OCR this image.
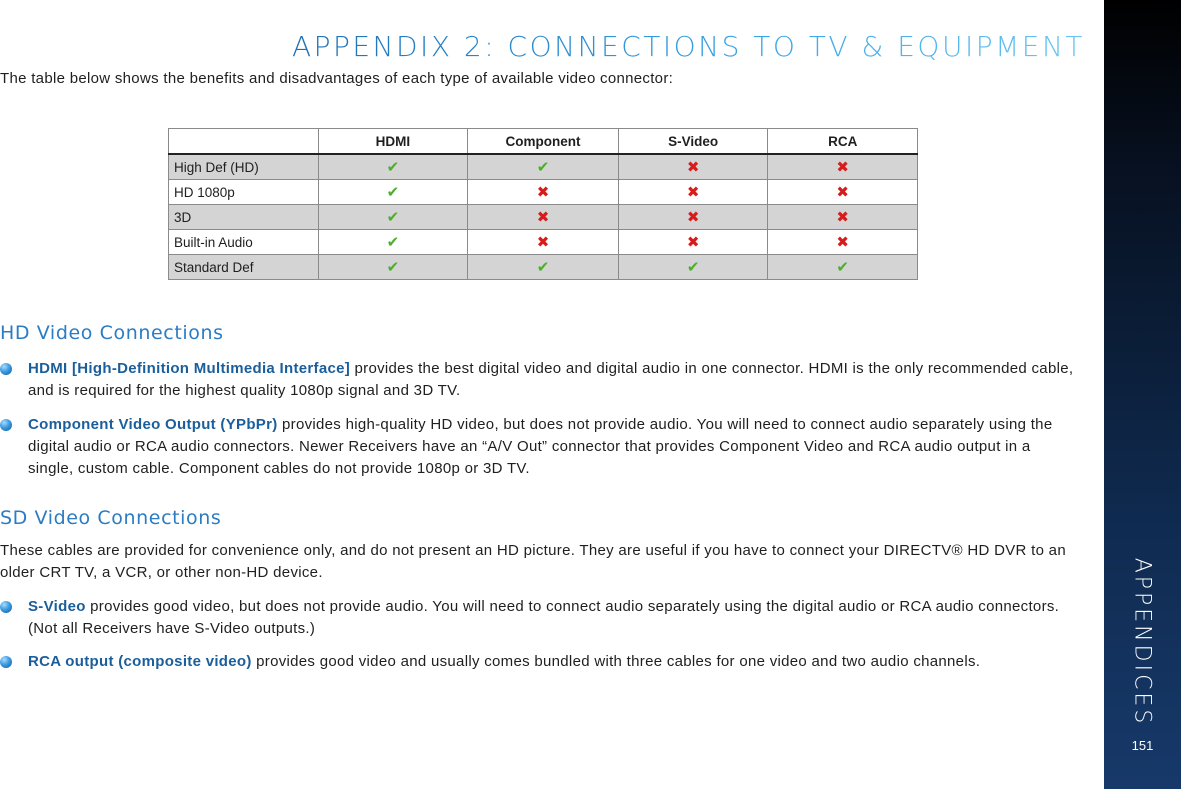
APPENDIX 2: CONNECTIONS TO TV & EQUIPMENT

The table below shows the benefits and disadvantages of each type of available video connector:

	HDMI	Component	S-Video	RCA
High Def (HD)	✔	✔	✖	✖
HD 1080p	✔	✖	✖	✖
3D	✔	✖	✖	✖
Built-in Audio	✔	✖	✖	✖
Standard Def	✔	✔	✔	✔
HD Video Connections

HDMI [High-Definition Multimedia Interface] provides the best digital video and digital audio in one connector. HDMI is the only recommended cable, and is required for the highest quality 1080p signal and 3D TV.

Component Video Output (YPbPr) provides high-quality HD video, but does not provide audio. You will need to connect audio separately using the digital audio or RCA audio connectors. Newer Receivers have an “A/V Out” connector that provides Component Video and RCA audio output in a single, custom cable. Component cables do not provide 1080p or 3D TV.

SD Video Connections

These cables are provided for convenience only, and do not present an HD picture. They are useful if you have to connect your DIRECTV® HD DVR to an older CRT TV, a VCR, or other non-HD device.

S-Video provides good video, but does not provide audio. You will need to connect audio separately using the digital audio or RCA audio connectors. (Not all Receivers have S-Video outputs.)

RCA output (composite video) provides good video and usually comes bundled with three cables for one video and two audio channels.	APPENDICES
151
